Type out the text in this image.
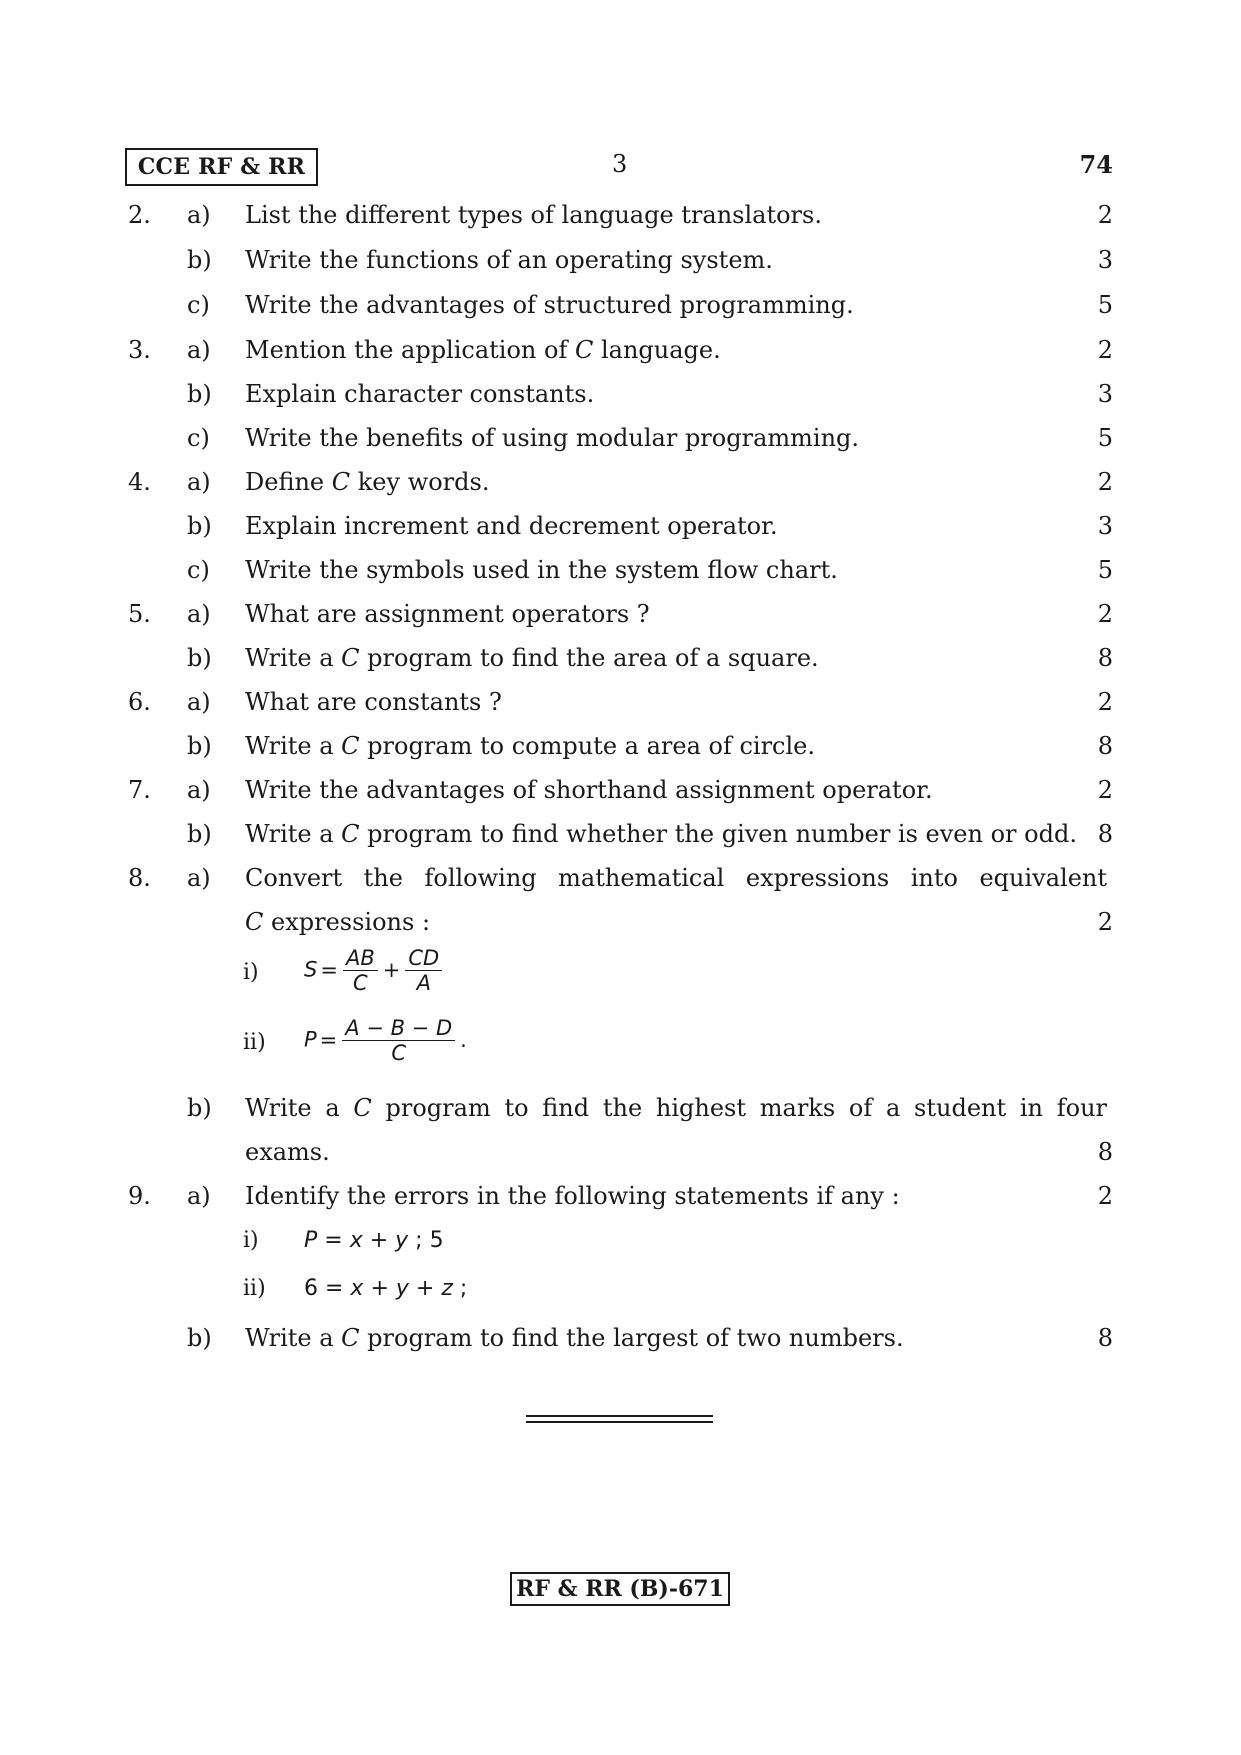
CCE RF & RR	3	74
2. a) List the different types of language translators.	2
b) Write the functions of an operating system.	3
c) Write the advantages of structured programming.	5
3. a) Mention the application of C language.	2
b) Explain character constants.	3
c) Write the benefits of using modular programming.	5
4. a) Define C key words.	2
b) Explain increment and decrement operator.	3
c) Write the symbols used in the system flow chart.	5
5. a) What are assignment operators ?	2
b) Write a C program to find the area of a square.	8
6. a) What are constants ?	2
b) Write a C program to compute a area of circle.	8
7. a) Write the advantages of shorthand assignment operator.	2
b) Write a C program to find whether the given number is even or odd. 8
8. a) Convert the following mathematical expressions into equivalent
C expressions :	2
i) $S = \frac{AB}{C} + \frac{CD}{A}$
ii) $P = \frac{A - B - D}{C}$ .
b) Write a C program to find the highest marks of a student in four
exams.	8
9. a) Identify the errors in the following statements if any :	2
i) P = x + y ; 5
ii) 6 = x + y + z ;
b) Write a C program to find the largest of two numbers.	8
RF & RR (B)-671
